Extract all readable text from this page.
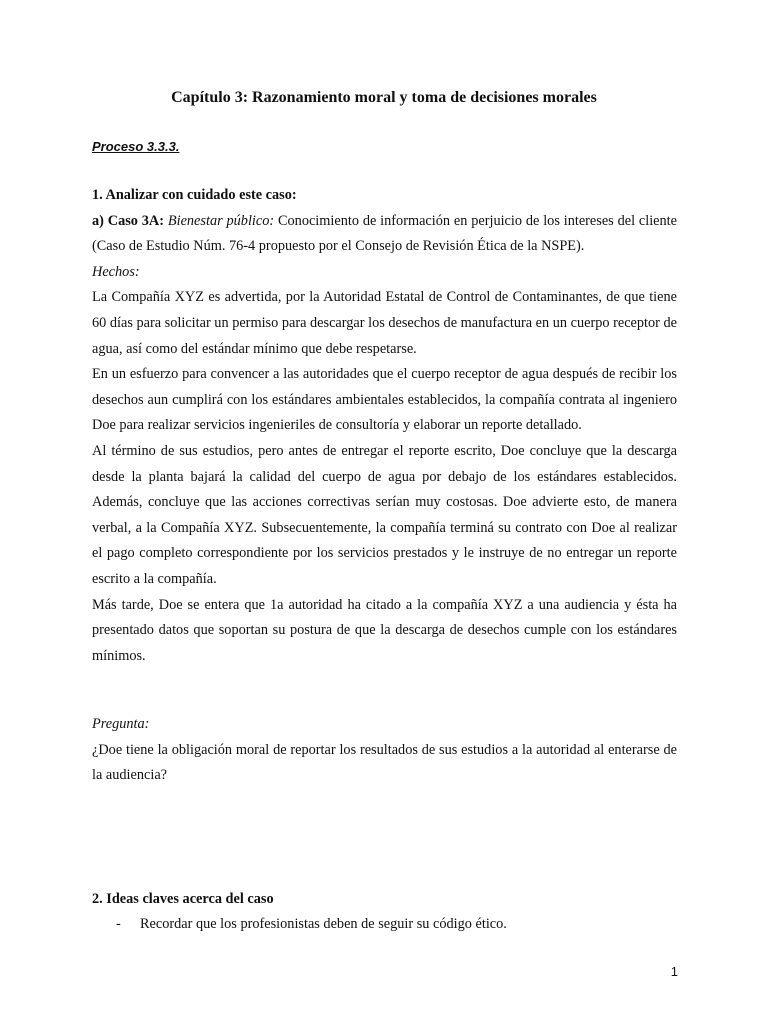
Capítulo 3: Razonamiento moral y toma de decisiones morales
Proceso 3.3.3.

1. Analizar con cuidado este caso:

a) Caso 3A: Bienestar público: Conocimiento de información en perjuicio de los intereses del cliente (Caso de Estudio Núm. 76-4 propuesto por el Consejo de Revisión Ética de la NSPE).

Hechos:

La Compañía XYZ es advertida, por la Autoridad Estatal de Control de Contaminantes, de que tiene 60 días para solicitar un permiso para descargar los desechos de manufactura en un cuerpo receptor de agua, así como del estándar mínimo que debe respetarse.

En un esfuerzo para convencer a las autoridades que el cuerpo receptor de agua después de recibir los desechos aun cumplirá con los estándares ambientales establecidos, la compañía contrata al ingeniero Doe para realizar servicios ingenieriles de consultoría y elaborar un reporte detallado.

Al término de sus estudios, pero antes de entregar el reporte escrito, Doe concluye que la descarga desde la planta bajará la calidad del cuerpo de agua por debajo de los estándares establecidos. Además, concluye que las acciones correctivas serían muy costosas. Doe advierte esto, de manera verbal, a la Compañía XYZ. Subsecuentemente, la compañía terminá su contrato con Doe al realizar el pago completo correspondiente por los servicios prestados y le instruye de no entregar un reporte escrito a la compañía.

Más tarde, Doe se entera que 1a autoridad ha citado a la compañía XYZ a una audiencia y ésta ha presentado datos que soportan su postura de que la descarga de desechos cumple con los estándares mínimos.

Pregunta:

¿Doe tiene la obligación moral de reportar los resultados de sus estudios a la autoridad al enterarse de la audiencia?

2. Ideas claves acerca del caso
-	Recordar que los profesionistas deben de seguir su código ético.
1
